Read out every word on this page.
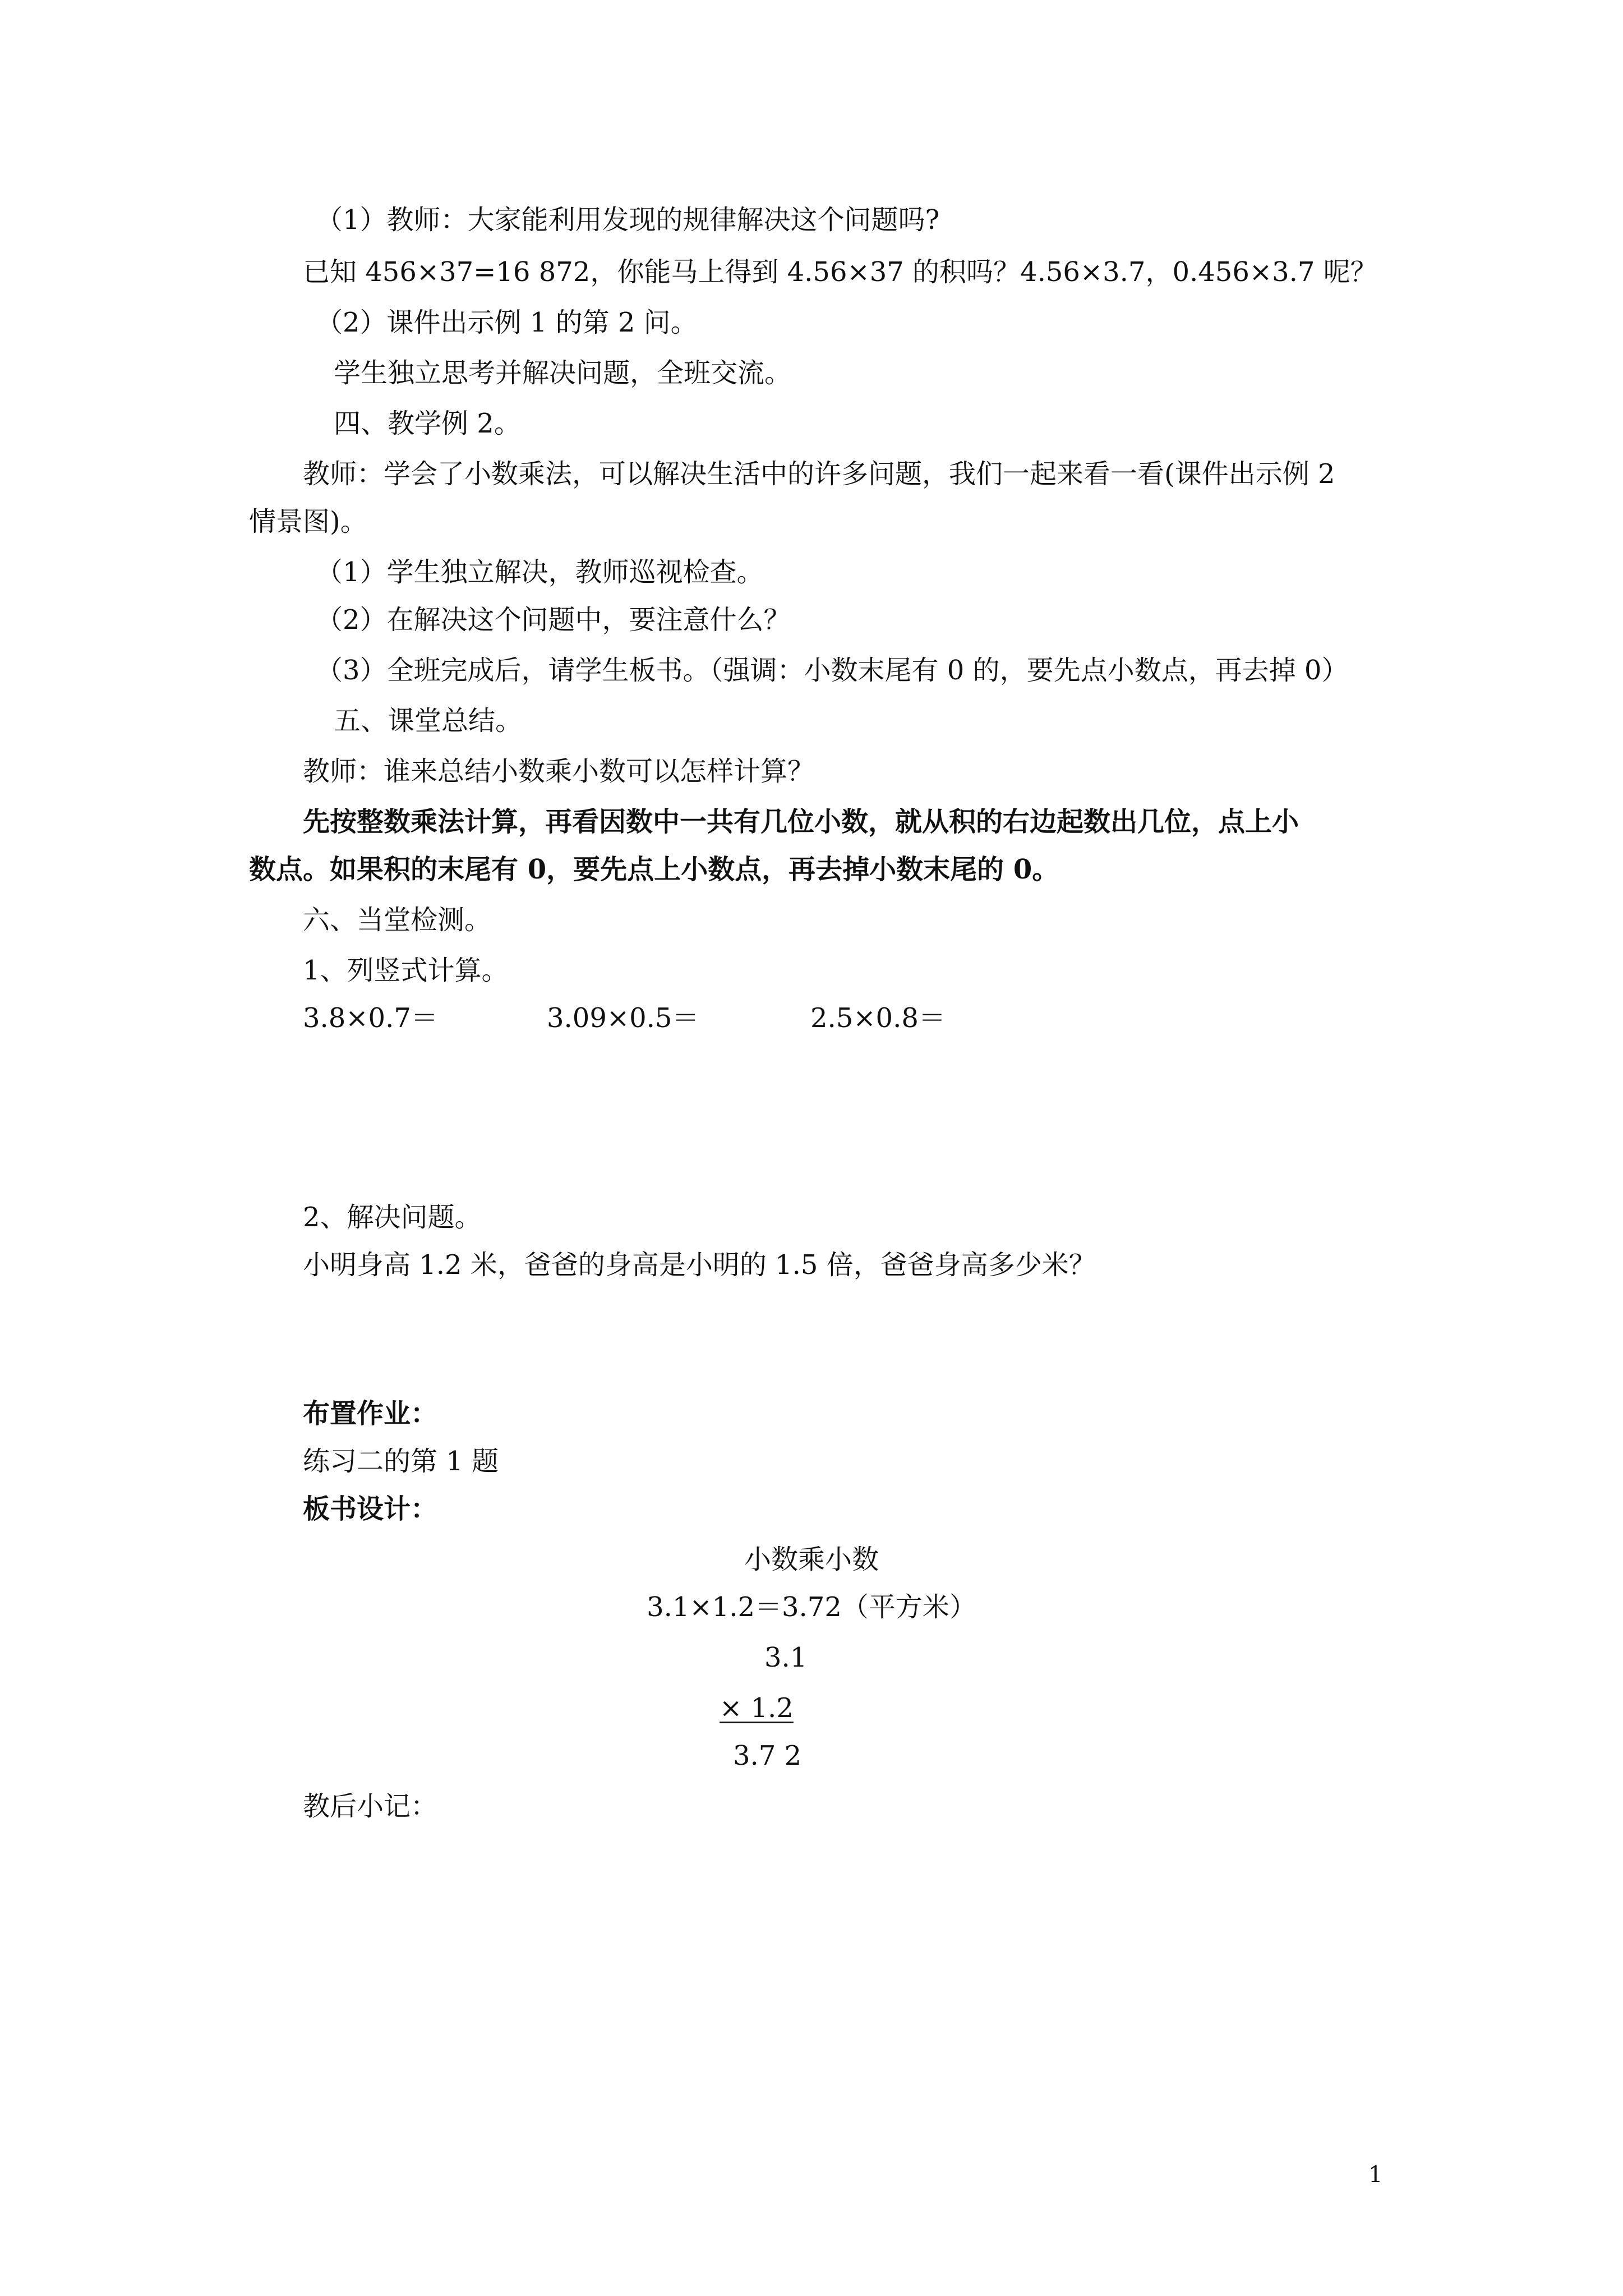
（1）教师：大家能利用发现的规律解决这个问题吗?

已知 456×37=16 872，你能马上得到 4.56×37 的积吗？4.56×3.7，0.456×3.7 呢？

（2）课件出示例 1 的第 2 问。

学生独立思考并解决问题，全班交流。

四、教学例 2。

教师：学会了小数乘法，可以解决生活中的许多问题，我们一起来看一看(课件出示例 2

情景图)。

（1）学生独立解决，教师巡视检查。

（2）在解决这个问题中，要注意什么？

（3）全班完成后，请学生板书。（强调：小数末尾有 0 的，要先点小数点，再去掉 0）

五、课堂总结。

教师：谁来总结小数乘小数可以怎样计算？

先按整数乘法计算，再看因数中一共有几位小数，就从积的右边起数出几位，点上小

数点。如果积的末尾有 0，要先点上小数点，再去掉小数末尾的 0。

六、当堂检测。

1、列竖式计算。

3.8×0.7＝	3.09×0.5＝	2.5×0.8＝

2、解决问题。

小明身高 1.2 米，爸爸的身高是小明的 1.5 倍，爸爸身高多少米？

布置作业：

练习二的第 1 题

板书设计：

小数乘小数

3.1×1.2＝3.72（平方米）

3.1

× 1.2

3.7 2

教后小记：

1
